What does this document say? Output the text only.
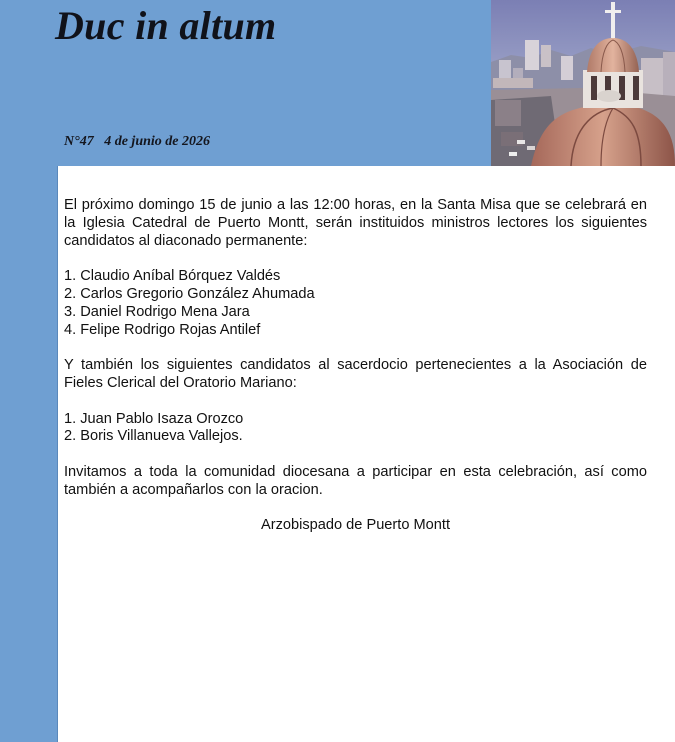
Duc in altum
N°47 4 de junio de 2026

El próximo domingo 15 de junio a las 12:00 horas, en la Santa Misa que se celebrará en la Iglesia Catedral de Puerto Montt, serán instituidos ministros lectores los siguientes candidatos al diaconado permanente:

1. Claudio Aníbal Bórquez Valdés
2. Carlos Gregorio González Ahumada
3. Daniel Rodrigo Mena Jara
4. Felipe Rodrigo Rojas Antilef

Y también los siguientes candidatos al sacerdocio pertenecientes a la Asociación de Fieles Clerical del Oratorio Mariano:

1. Juan Pablo Isaza Orozco
2. Boris Villanueva Vallejos.

Invitamos a toda la comunidad diocesana a participar en esta celebración, así como también a acompañarlos con la oracion.

Arzobispado de Puerto Montt
